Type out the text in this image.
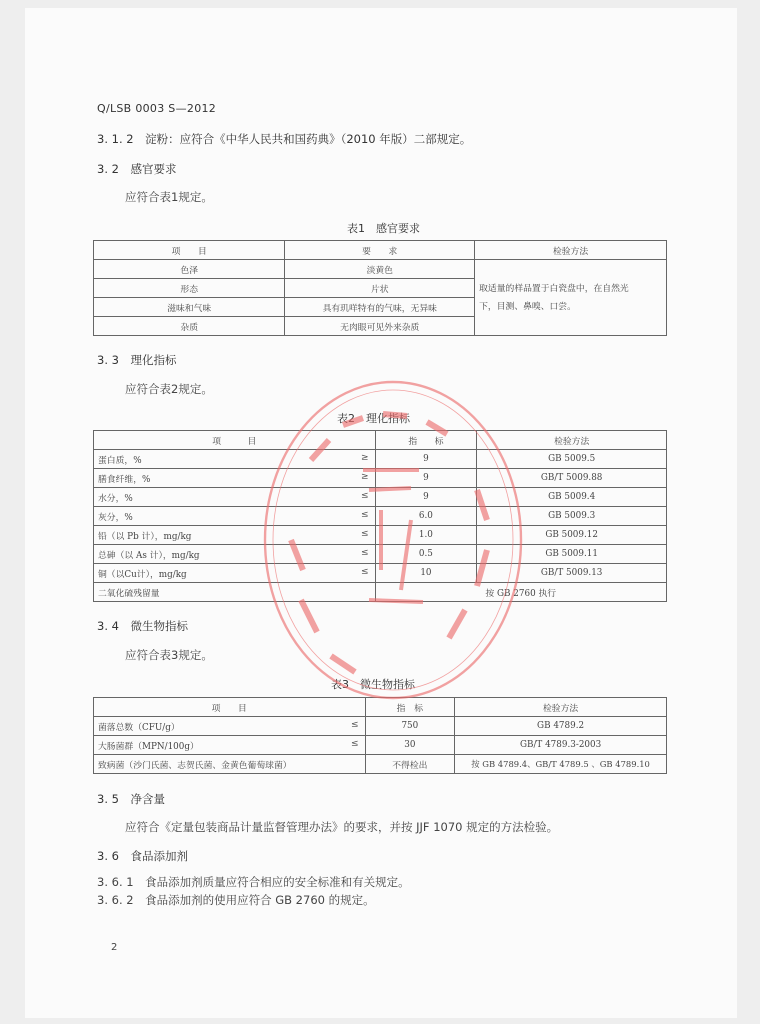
Q/LSB 0003 S—2012
3. 1. 2　淀粉：应符合《中华人民共和国药典》（2010 年版）二部规定。
3. 2　感官要求
应符合表1规定。
表1　感官要求
项　　目	要　　求	检验方法
色泽	淡黄色	取适量的样品置于白瓷盘中，在自然光
下，目测、鼻嗅、口尝。

形态	片状	
滋味和气味	具有玑咩特有的气味，无异味	
杂质	无肉眼可见外来杂质	
3. 3　理化指标
应符合表2规定。
表2　理化指标
项　　　目	指　　标	检验方法
蛋白质，% ≥	9	GB 5009.5
膳食纤维，% ≥	9	GB/T 5009.88
水分，% ≤	9	GB 5009.4
灰分，% ≤	6.0	GB 5009.3
铅（以 Pb 计），mg/kg ≤	1.0	GB 5009.12
总砷（以 As 计），mg/kg ≤	0.5	GB 5009.11
铜（以Cu计），mg/kg ≤	10	GB/T 5009.13
二氧化硫残留量	按 GB 2760 执行	
3. 4　微生物指标
应符合表3规定。
表3　微生物指标
项　　目	指　标	检验方法
菌落总数（CFU/g） ≤	750	GB 4789.2
大肠菌群（MPN/100g） ≤	30	GB/T 4789.3-2003
致病菌（沙门氏菌、志贺氏菌、金黄色葡萄球菌）	不得检出	按 GB 4789.4、GB/T 4789.5 、GB 4789.10
3. 5　净含量
应符合《定量包装商品计量监督管理办法》的要求，并按 JJF 1070 规定的方法检验。
3. 6　食品添加剂
3. 6. 1　食品添加剂质量应符合相应的安全标准和有关规定。
3. 6. 2　食品添加剂的使用应符合 GB 2760 的规定。
2
